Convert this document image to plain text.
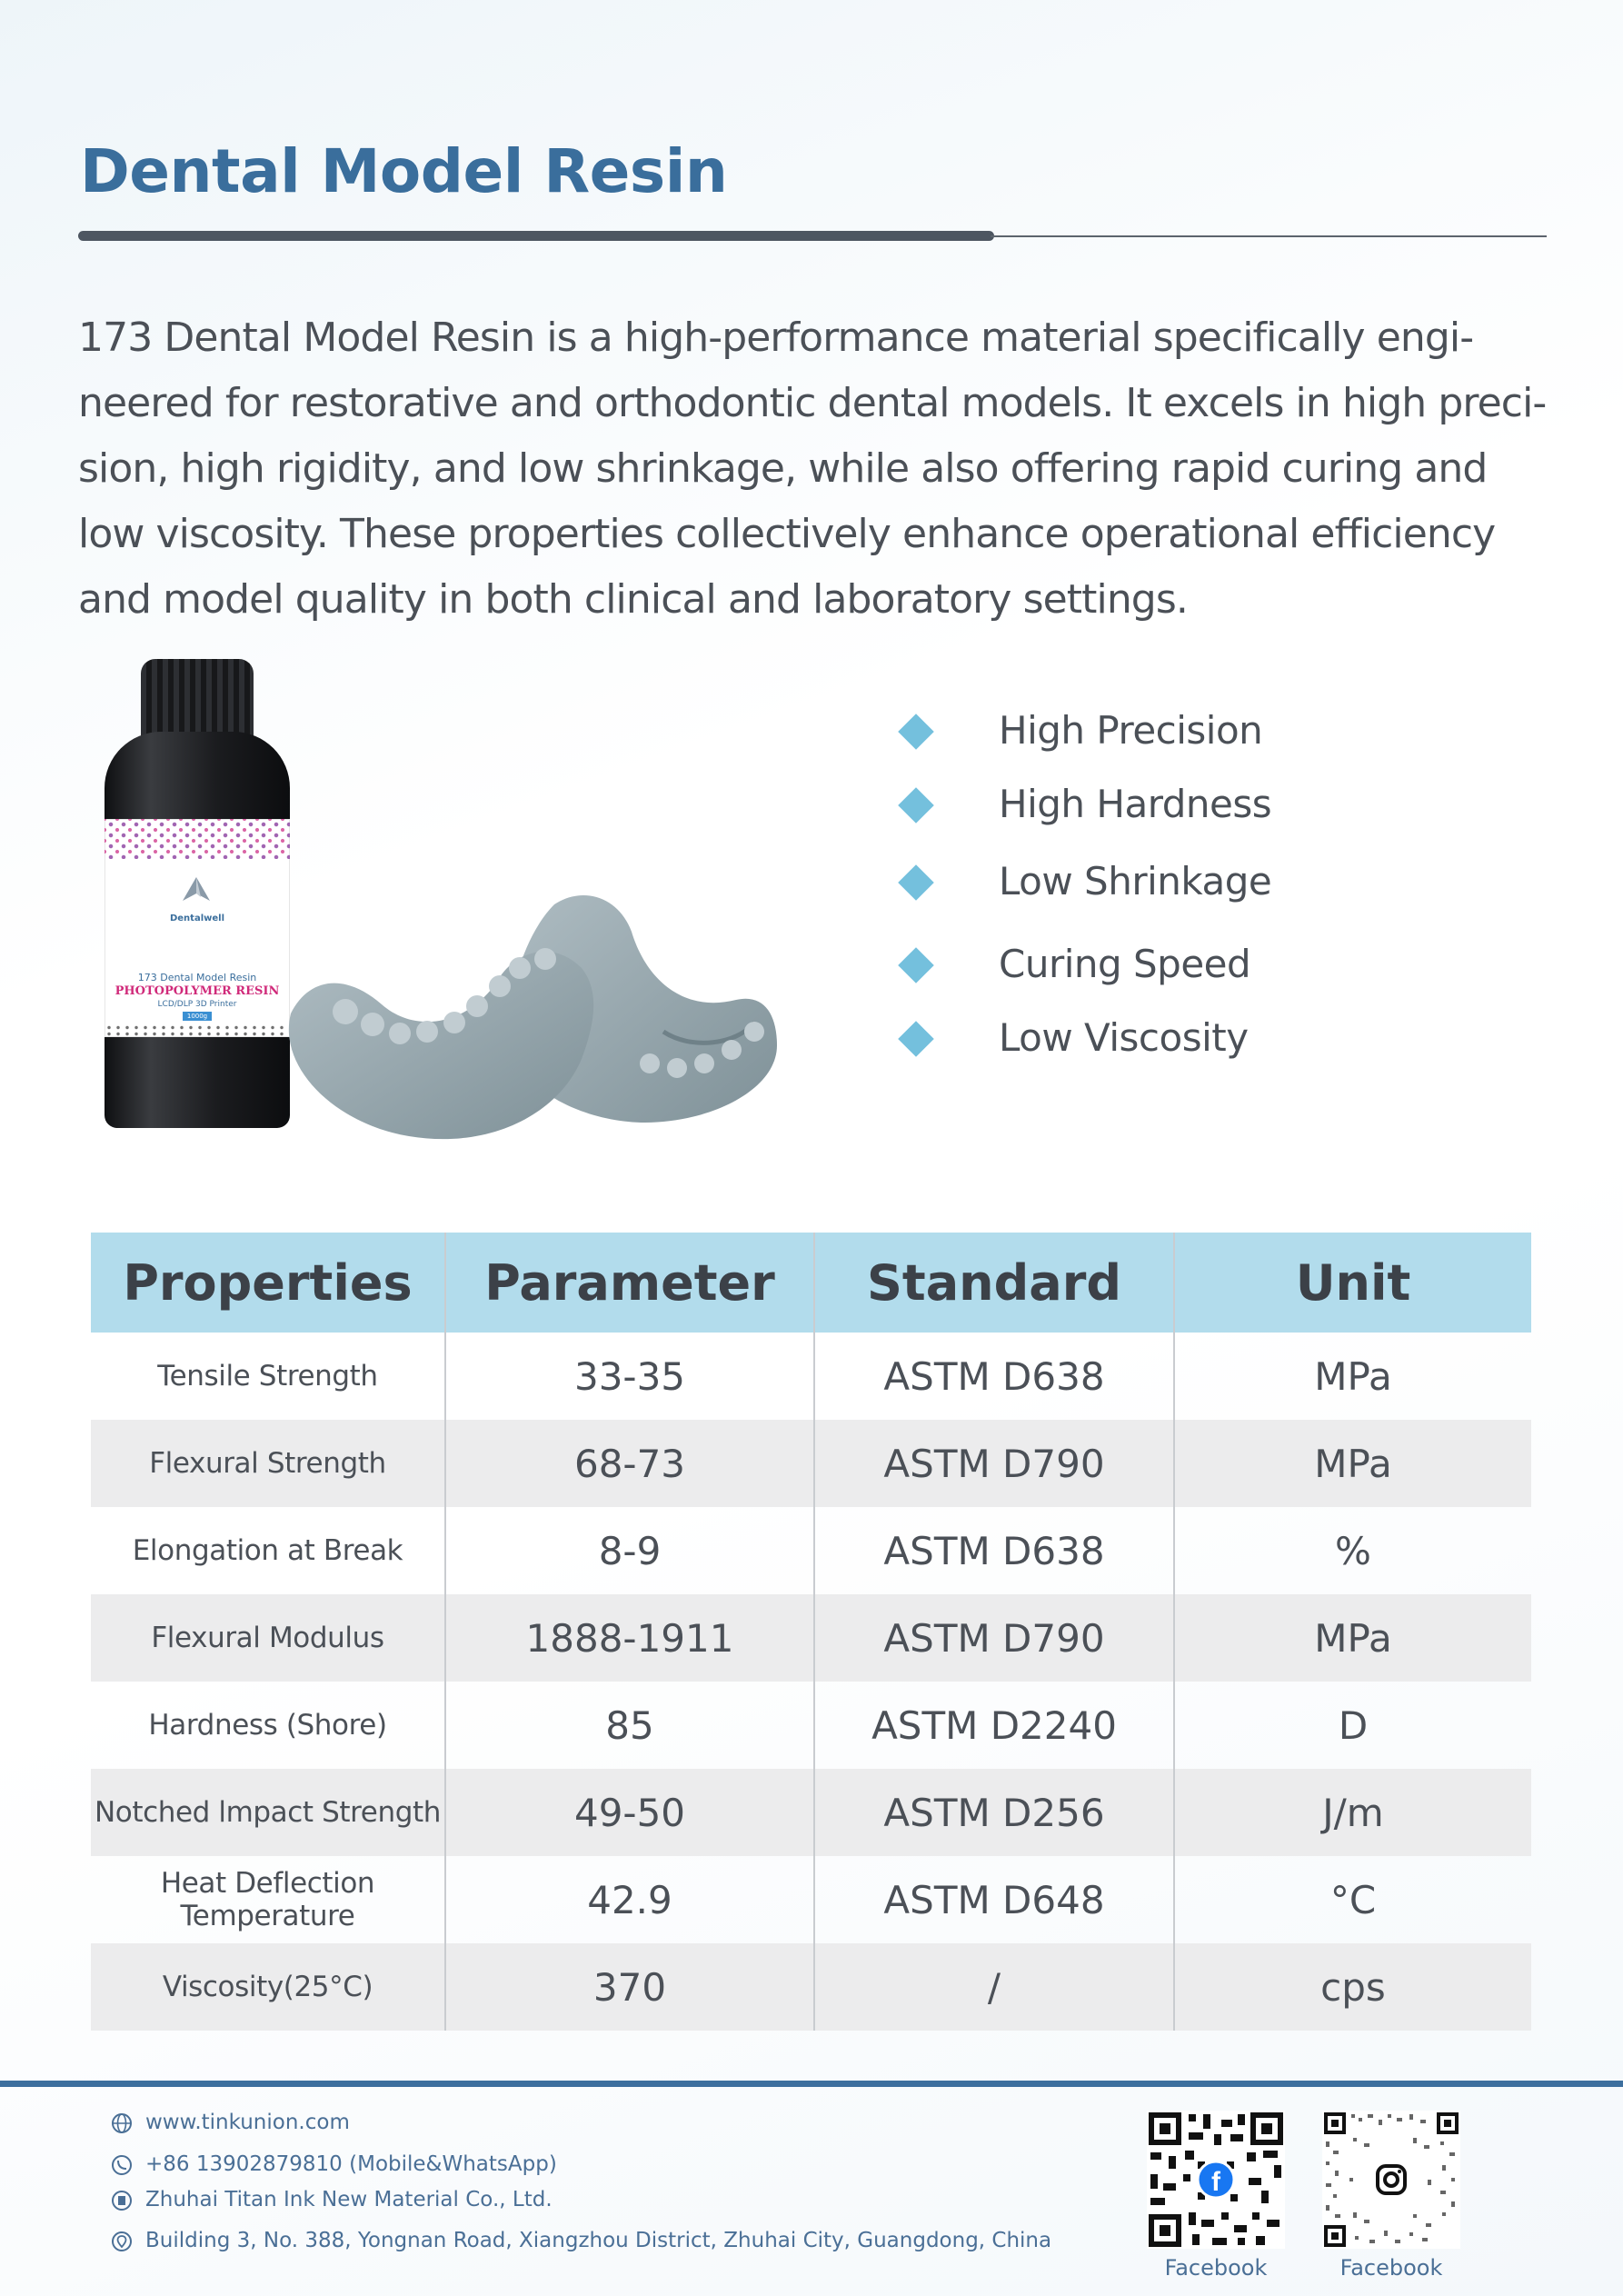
Dental Model Resin

173 Dental Model Resin is a high-performance material specifically engi-
neered for restorative and orthodontic dental models. It excels in high preci-
sion, high rigidity, and low shrinkage, while also offering rapid curing and
low viscosity. These properties collectively enhance operational efficiency
and model quality in both clinical and laboratory settings.

Dentalwell
173 Dental Model Resin
PHOTOPOLYMER RESIN
LCD/DLP 3D Printer
1000g
High Precision
High Hardness
Low Shrinkage
Curing Speed
Low Viscosity
Properties	Parameter	Standard	Unit
Tensile Strength	33-35	ASTM D638	MPa
Flexural Strength	68-73	ASTM D790	MPa
Elongation at Break	8-9	ASTM D638	%
Flexural Modulus	1888-1911	ASTM D790	MPa
Hardness (Shore)	85	ASTM D2240	D
Notched lmpact Strength	49-50	ASTM D256	J/m
Heat Deflection Temperature	42.9	ASTM D648	°C
Viscosity(25°C)	370	/	cps
www.tinkunion.com
+86 13902879810 (Mobile&WhatsApp)
Zhuhai Titan Ink New Material Co., Ltd.
Building 3, No. 388, Yongnan Road, Xiangzhou District, Zhuhai City, Guangdong, China
f
Facebook	Facebook
